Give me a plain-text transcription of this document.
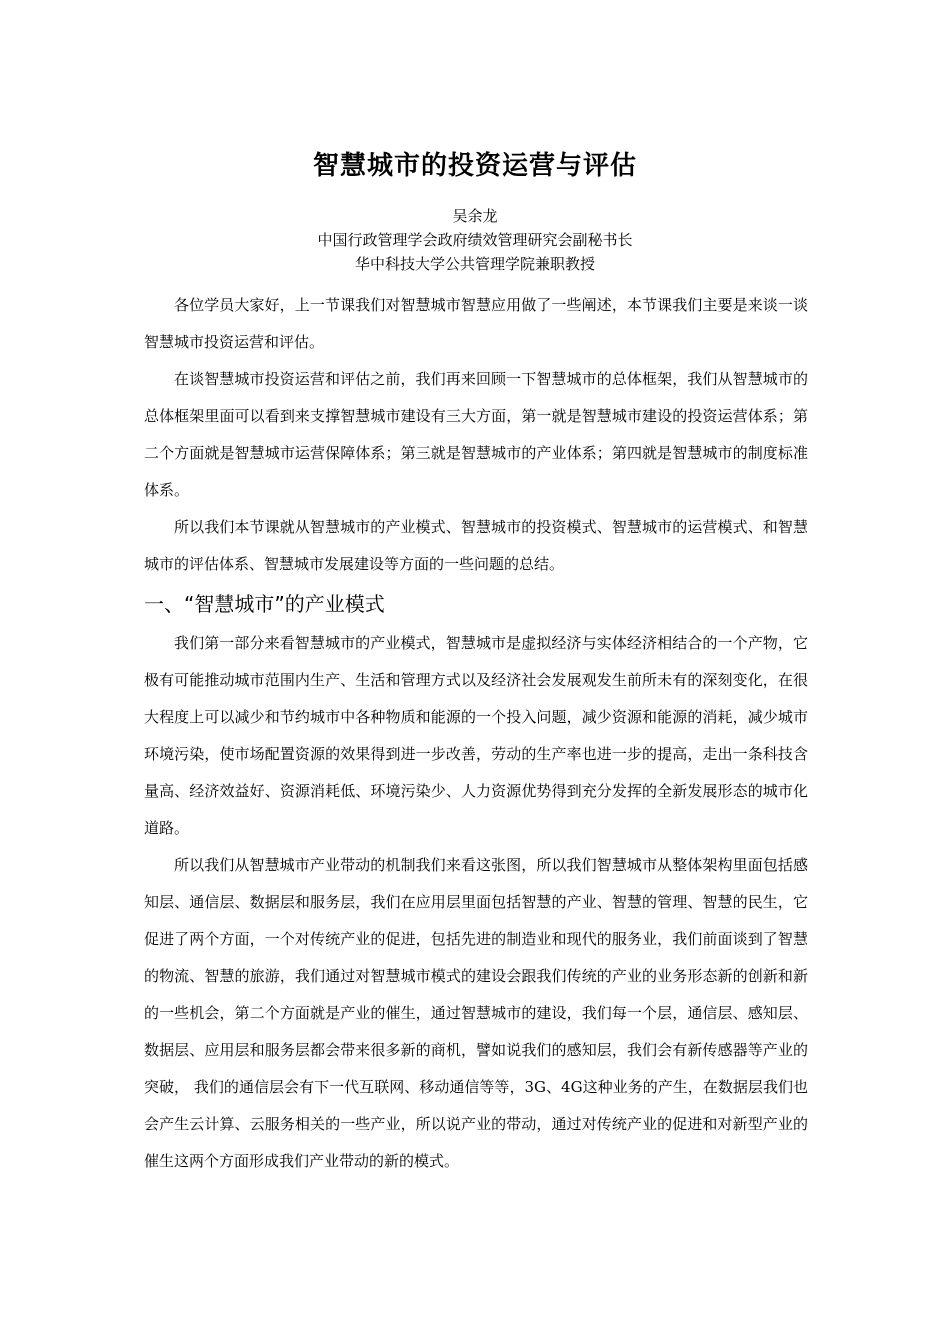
智慧城市的投资运营与评估
吴余龙
中国行政管理学会政府绩效管理研究会副秘书长
华中科技大学公共管理学院兼职教授

各位学员大家好，上一节课我们对智慧城市智慧应用做了一些阐述，本节课我们主要是来谈一谈智慧城市投资运营和评估。

在谈智慧城市投资运营和评估之前，我们再来回顾一下智慧城市的总体框架，我们从智慧城市的总体框架里面可以看到来支撑智慧城市建设有三大方面，第一就是智慧城市建设的投资运营体系；第二个方面就是智慧城市运营保障体系；第三就是智慧城市的产业体系；第四就是智慧城市的制度标准体系。

所以我们本节课就从智慧城市的产业模式、智慧城市的投资模式、智慧城市的运营模式、和智慧城市的评估体系、智慧城市发展建设等方面的一些问题的总结。

一、“智慧城市”的产业模式

我们第一部分来看智慧城市的产业模式，智慧城市是虚拟经济与实体经济相结合的一个产物，它极有可能推动城市范围内生产、生活和管理方式以及经济社会发展观发生前所未有的深刻变化，在很大程度上可以减少和节约城市中各种物质和能源的一个投入问题，减少资源和能源的消耗，减少城市环境污染，使市场配置资源的效果得到进一步改善，劳动的生产率也进一步的提高，走出一条科技含量高、经济效益好、资源消耗低、环境污染少、人力资源优势得到充分发挥的全新发展形态的城市化道路。

所以我们从智慧城市产业带动的机制我们来看这张图，所以我们智慧城市从整体架构里面包括感知层、通信层、数据层和服务层，我们在应用层里面包括智慧的产业、智慧的管理、智慧的民生，它促进了两个方面，一个对传统产业的促进，包括先进的制造业和现代的服务业，我们前面谈到了智慧的物流、智慧的旅游，我们通过对智慧城市模式的建设会跟我们传统的产业的业务形态新的创新和新的一些机会，第二个方面就是产业的催生，通过智慧城市的建设，我们每一个层，通信层、感知层、数据层、应用层和服务层都会带来很多新的商机，譬如说我们的感知层，我们会有新传感器等产业的突破， 我们的通信层会有下一代互联网、移动通信等等，3G、4G这种业务的产生，在数据层我们也会产生云计算、云服务相关的一些产业，所以说产业的带动，通过对传统产业的促进和对新型产业的催生这两个方面形成我们产业带动的新的模式。
